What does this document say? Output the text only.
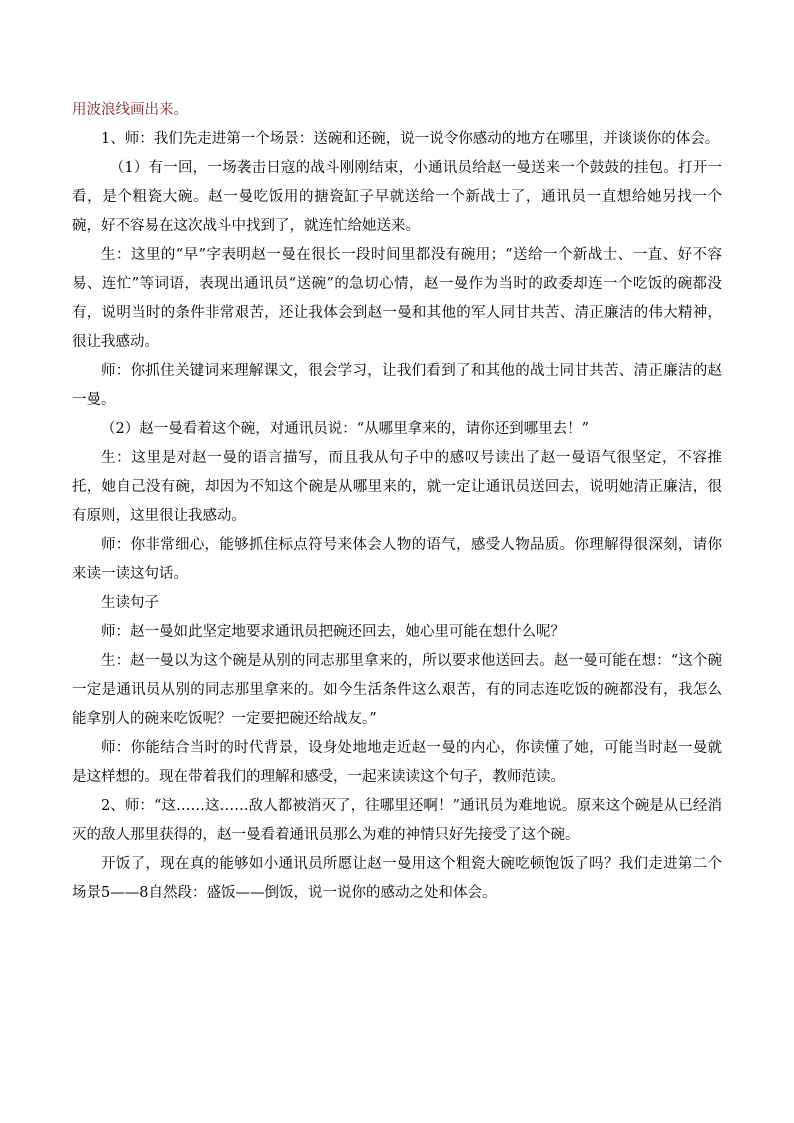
用波浪线画出来。

1、师：我们先走进第一个场景：送碗和还碗，说一说令你感动的地方在哪里，并谈谈你的体会。

（1）有一回，一场袭击日寇的战斗刚刚结束，小通讯员给赵一曼送来一个鼓鼓的挂包。打开一看，是个粗瓷大碗。赵一曼吃饭用的搪瓷缸子早就送给一个新战士了，通讯员一直想给她另找一个碗，好不容易在这次战斗中找到了，就连忙给她送来。

生：这里的“早”字表明赵一曼在很长一段时间里都没有碗用；“送给一个新战士、一直、好不容易、连忙”等词语，表现出通讯员“送碗”的急切心情，赵一曼作为当时的政委却连一个吃饭的碗都没有，说明当时的条件非常艰苦，还让我体会到赵一曼和其他的军人同甘共苦、清正廉洁的伟大精神，很让我感动。

师：你抓住关键词来理解课文，很会学习，让我们看到了和其他的战士同甘共苦、清正廉洁的赵一曼。

（2）赵一曼看着这个碗，对通讯员说：“从哪里拿来的，请你还到哪里去！”

生：这里是对赵一曼的语言描写，而且我从句子中的感叹号读出了赵一曼语气很坚定，不容推托，她自己没有碗，却因为不知这个碗是从哪里来的，就一定让通讯员送回去，说明她清正廉洁，很有原则，这里很让我感动。

师：你非常细心，能够抓住标点符号来体会人物的语气，感受人物品质。你理解得很深刻，请你来读一读这句话。

生读句子

师：赵一曼如此坚定地要求通讯员把碗还回去，她心里可能在想什么呢？

生：赵一曼以为这个碗是从别的同志那里拿来的，所以要求他送回去。赵一曼可能在想：“这个碗一定是通讯员从别的同志那里拿来的。如今生活条件这么艰苦，有的同志连吃饭的碗都没有，我怎么能拿别人的碗来吃饭呢？一定要把碗还给战友。”

师：你能结合当时的时代背景，设身处地地走近赵一曼的内心，你读懂了她，可能当时赵一曼就是这样想的。现在带着我们的理解和感受，一起来读读这个句子，教师范读。

2、师：“这……这……敌人都被消灭了，往哪里还啊！”通讯员为难地说。原来这个碗是从已经消灭的敌人那里获得的，赵一曼看着通讯员那么为难的神情只好先接受了这个碗。

开饭了，现在真的能够如小通讯员所愿让赵一曼用这个粗瓷大碗吃顿饱饭了吗？我们走进第二个场景5——8自然段：盛饭——倒饭，说一说你的感动之处和体会。
